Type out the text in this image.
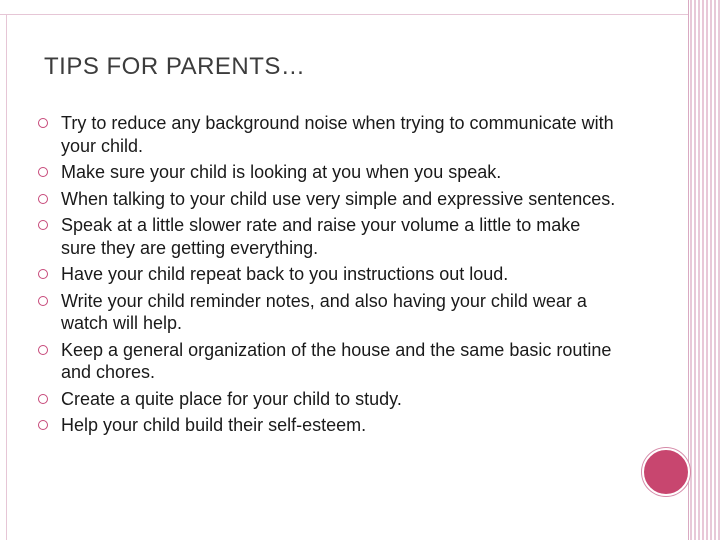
TIPS FOR PARENTS…
Try to reduce any background noise when trying to communicate with your child.
Make sure your child is looking at you when you speak.
When talking to your child use very simple and expressive sentences.
Speak at a little slower rate and raise your volume a little to make sure they are getting everything.
Have your child repeat back to you instructions out loud.
Write your child reminder notes, and also having your child wear a watch will help.
Keep a general organization of the house and the same basic routine and chores.
Create a quite place for your child to study.
Help your child build their self-esteem.
